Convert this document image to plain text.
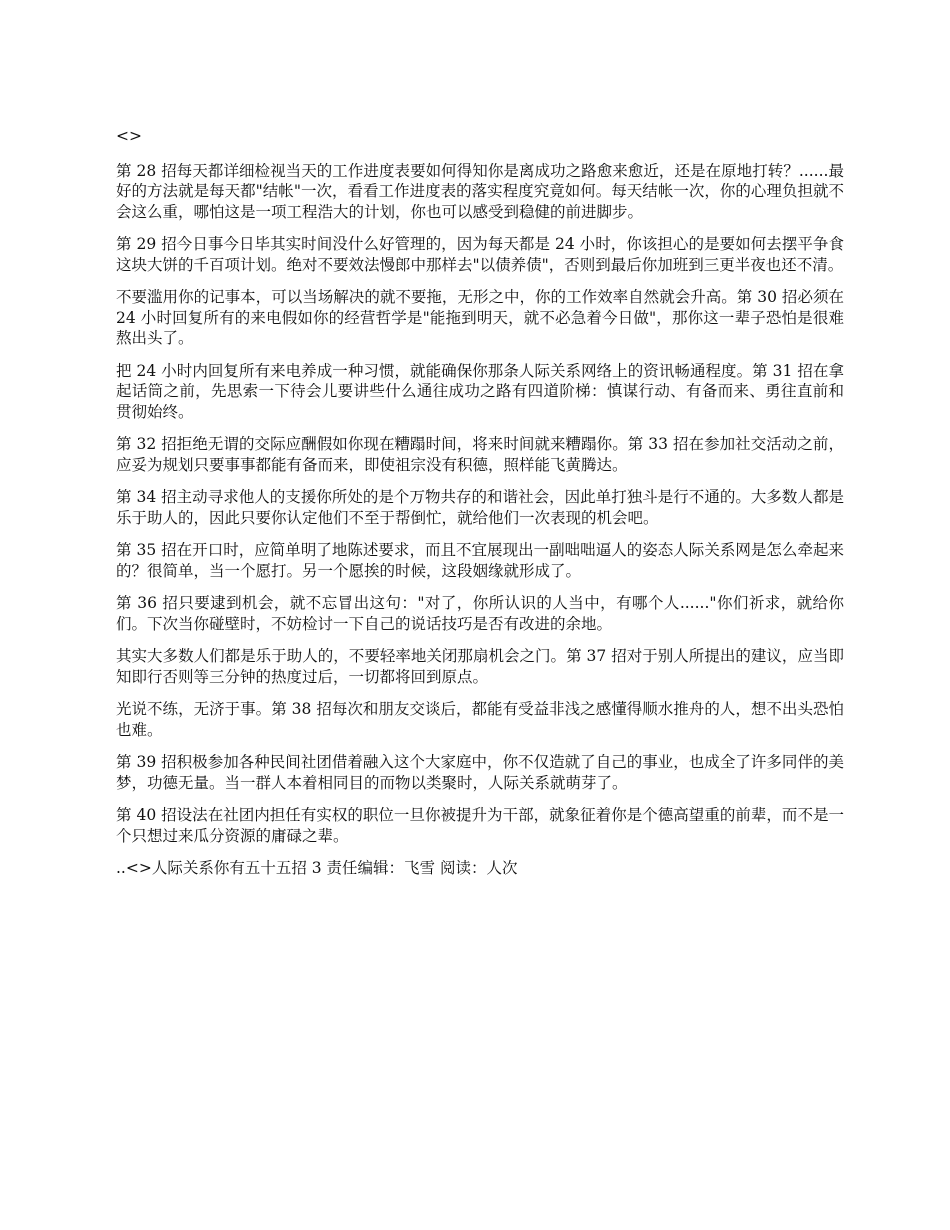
<>

第 28 招每天都详细检视当天的工作进度表要如何得知你是离成功之路愈来愈近，还是在原地打转？......最好的方法就是每天都"结帐"一次，看看工作进度表的落实程度究竟如何。每天结帐一次，你的心理负担就不会这么重，哪怕这是一项工程浩大的计划，你也可以感受到稳健的前进脚步。

第 29 招今日事今日毕其实时间没什么好管理的，因为每天都是 24 小时，你该担心的是要如何去摆平争食这块大饼的千百项计划。绝对不要效法慢郎中那样去"以债养债"，否则到最后你加班到三更半夜也还不清。

不要滥用你的记事本，可以当场解决的就不要拖，无形之中，你的工作效率自然就会升高。第 30 招必须在 24 小时回复所有的来电假如你的经营哲学是"能拖到明天，就不必急着今日做"，那你这一辈子恐怕是很难熬出头了。

把 24 小时内回复所有来电养成一种习惯，就能确保你那条人际关系网络上的资讯畅通程度。第 31 招在拿起话筒之前，先思索一下待会儿要讲些什么通往成功之路有四道阶梯：慎谋行动、有备而来、勇往直前和贯彻始终。

第 32 招拒绝无谓的交际应酬假如你现在糟蹋时间，将来时间就来糟蹋你。第 33 招在参加社交活动之前，应妥为规划只要事事都能有备而来，即使祖宗没有积德，照样能飞黄腾达。

第 34 招主动寻求他人的支援你所处的是个万物共存的和谐社会，因此单打独斗是行不通的。大多数人都是乐于助人的，因此只要你认定他们不至于帮倒忙，就给他们一次表现的机会吧。

第 35 招在开口时，应简单明了地陈述要求，而且不宜展现出一副咄咄逼人的姿态人际关系网是怎么牵起来的？很简单，当一个愿打。另一个愿挨的时候，这段姻缘就形成了。

第 36 招只要逮到机会，就不忘冒出这句："对了，你所认识的人当中，有哪个人......"你们祈求，就给你们。下次当你碰壁时，不妨检讨一下自己的说话技巧是否有改进的余地。

其实大多数人们都是乐于助人的，不要轻率地关闭那扇机会之门。第 37 招对于别人所提出的建议，应当即知即行否则等三分钟的热度过后，一切都将回到原点。

光说不练，无济于事。第 38 招每次和朋友交谈后，都能有受益非浅之感懂得顺水推舟的人，想不出头恐怕也难。

第 39 招积极参加各种民间社团借着融入这个大家庭中，你不仅造就了自己的事业，也成全了许多同伴的美梦，功德无量。当一群人本着相同目的而物以类聚时，人际关系就萌芽了。

第 40 招设法在社团内担任有实权的职位一旦你被提升为干部，就象征着你是个德高望重的前辈，而不是一个只想过来瓜分资源的庸碌之辈。

..<>人际关系你有五十五招 3 责任编辑：飞雪 阅读：人次
